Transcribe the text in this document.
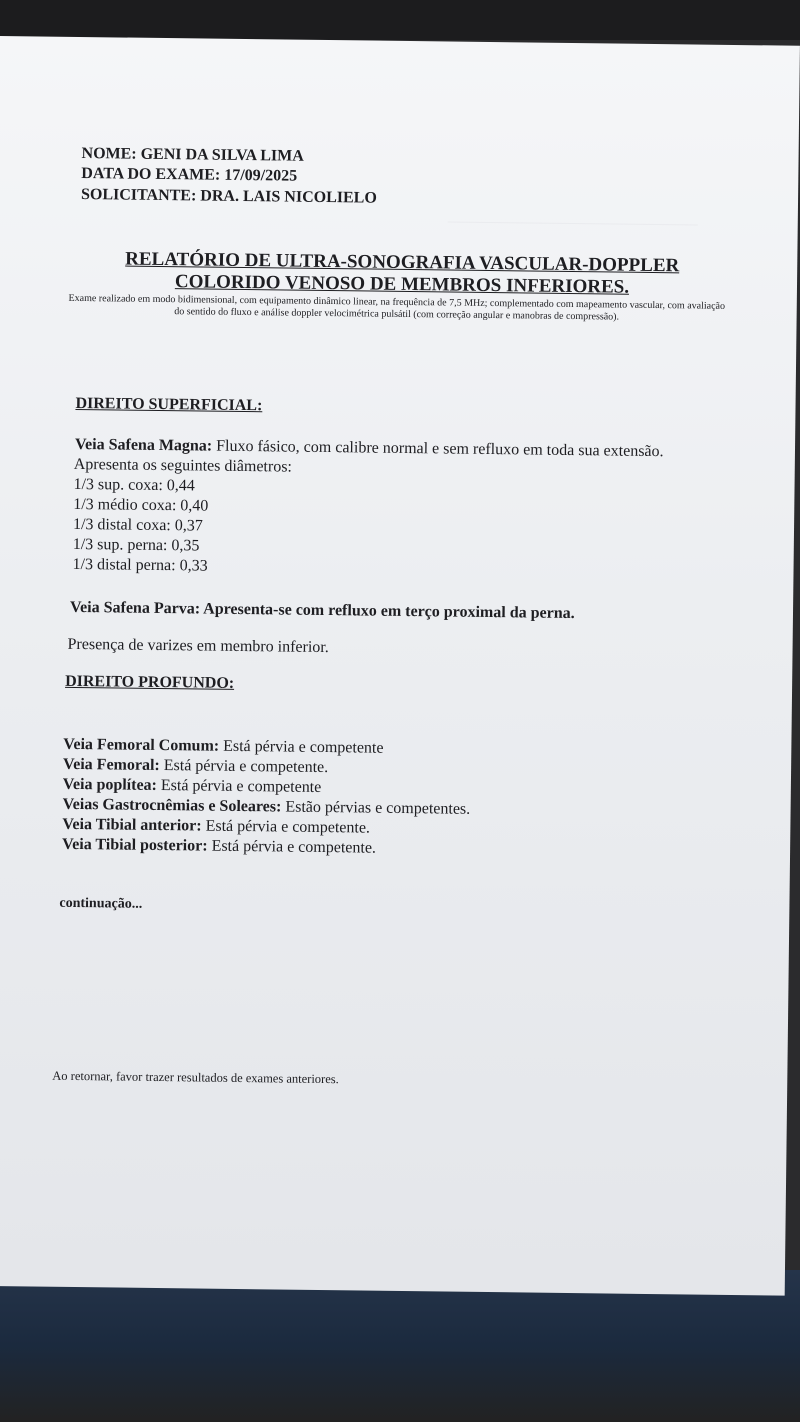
NOME: GENI DA SILVA LIMA
DATA DO EXAME: 17/09/2025
SOLICITANTE: DRA. LAIS NICOLIELO
RELATÓRIO DE ULTRA-SONOGRAFIA VASCULAR-DOPPLER
COLORIDO VENOSO DE MEMBROS INFERIORES.
Exame realizado em modo bidimensional, com equipamento dinâmico linear, na frequência de 7,5 MHz; complementado com mapeamento vascular, com avaliação do sentido do fluxo e análise doppler velocimétrica pulsátil (com correção angular e manobras de compressão).
DIREITO SUPERFICIAL:
Veia Safena Magna: Fluxo fásico, com calibre normal e sem refluxo em toda sua extensão.
Apresenta os seguintes diâmetros:
1/3 sup. coxa: 0,44
1/3 médio coxa: 0,40
1/3 distal coxa: 0,37
1/3 sup. perna: 0,35
1/3 distal perna: 0,33
Veia Safena Parva: Apresenta-se com refluxo em terço proximal da perna.
Presença de varizes em membro inferior.
DIREITO PROFUNDO:
Veia Femoral Comum: Está pérvia e competente
Veia Femoral: Está pérvia e competente.
Veia poplítea: Está pérvia e competente
Veias Gastrocnêmias e Soleares: Estão pérvias e competentes.
Veia Tibial anterior: Está pérvia e competente.
Veia Tibial posterior: Está pérvia e competente.
continuação...
Ao retornar, favor trazer resultados de exames anteriores.
